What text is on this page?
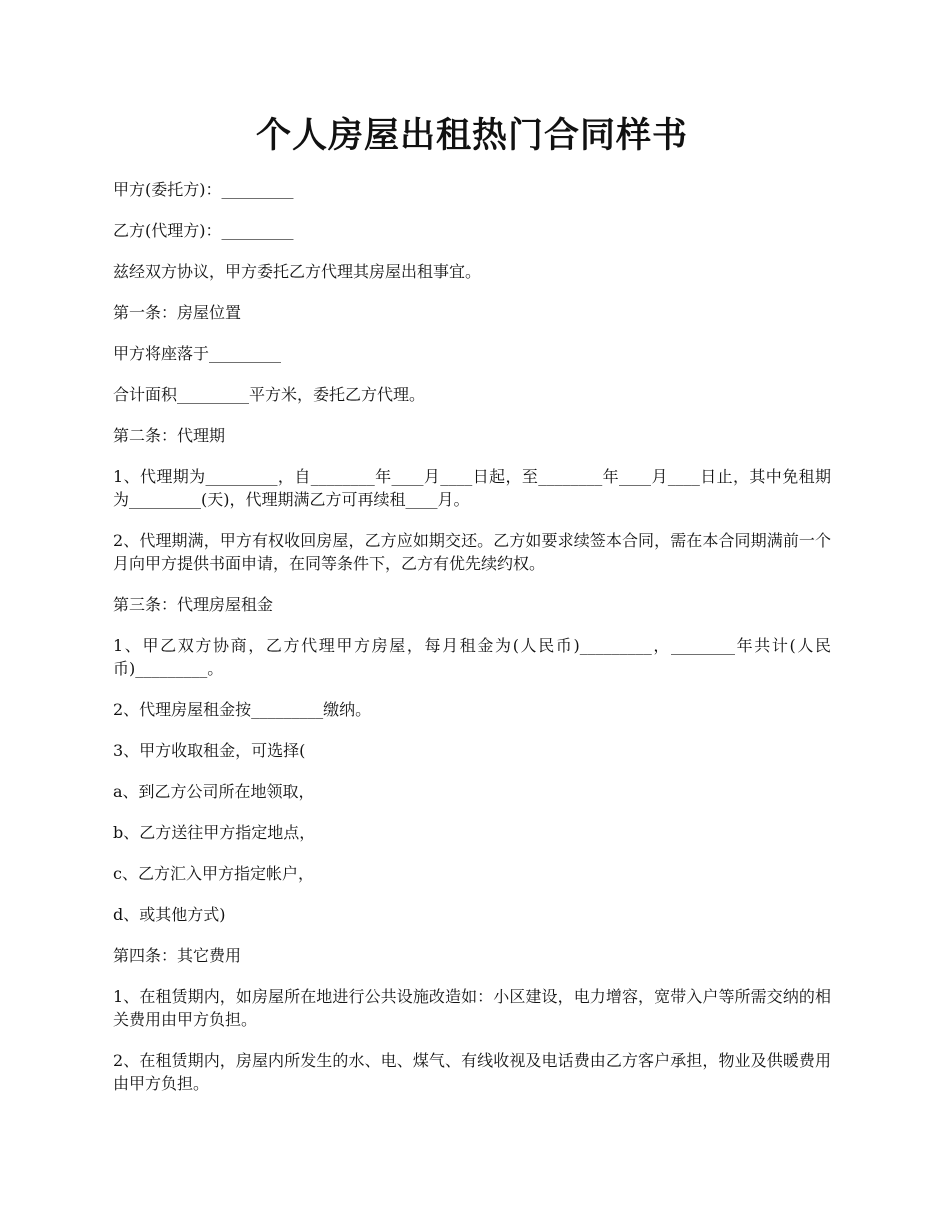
个人房屋出租热门合同样书

甲方(委托方)：_________

乙方(代理方)：_________

兹经双方协议，甲方委托乙方代理其房屋出租事宜。

第一条：房屋位置

甲方将座落于_________

合计面积_________平方米，委托乙方代理。

第二条：代理期

1、代理期为_________，自________年____月____日起，至________年____月____日止，其中免租期为_________(天)，代理期满乙方可再续租____月。

2、代理期满，甲方有权收回房屋，乙方应如期交还。乙方如要求续签本合同，需在本合同期满前一个月向甲方提供书面申请，在同等条件下，乙方有优先续约权。

第三条：代理房屋租金

1、甲乙双方协商，乙方代理甲方房屋，每月租金为(人民币)_________，________年共计(人民币)_________。

2、代理房屋租金按_________缴纳。

3、甲方收取租金，可选择(

a、到乙方公司所在地领取，

b、乙方送往甲方指定地点，

c、乙方汇入甲方指定帐户，

d、或其他方式)

第四条：其它费用

1、在租赁期内，如房屋所在地进行公共设施改造如：小区建设，电力增容，宽带入户等所需交纳的相关费用由甲方负担。

2、在租赁期内，房屋内所发生的水、电、煤气、有线收视及电话费由乙方客户承担，物业及供暖费用由甲方负担。
